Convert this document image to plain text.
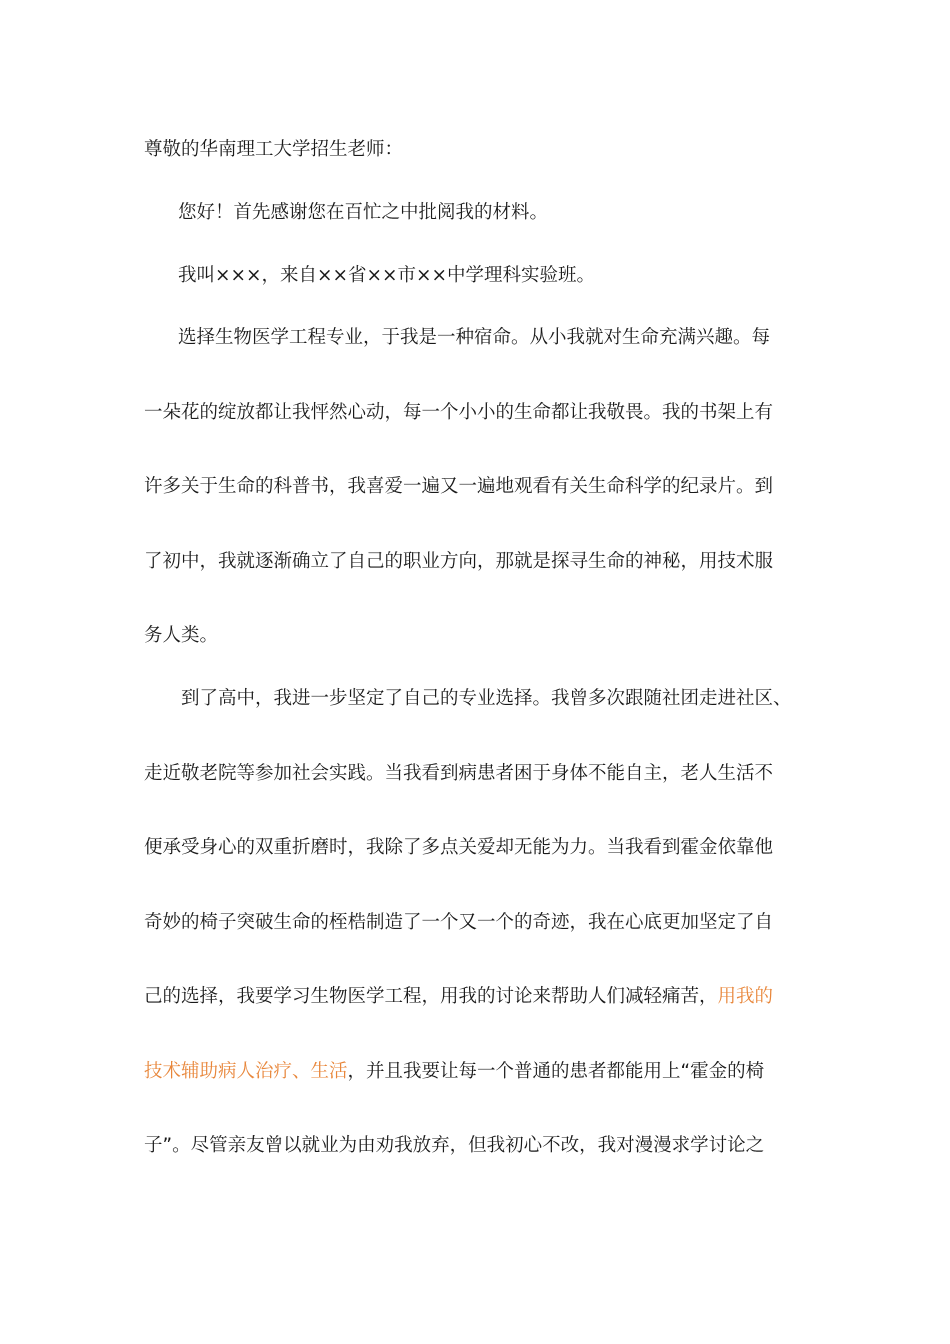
尊敬的华南理工大学招生老师：
您好！首先感谢您在百忙之中批阅我的材料。
我叫×××，来自××省××市××中学理科实验班。
选择生物医学工程专业，于我是一种宿命。从小我就对生命充满兴趣。每
一朵花的绽放都让我怦然心动，每一个小小的生命都让我敬畏。我的书架上有
许多关于生命的科普书，我喜爱一遍又一遍地观看有关生命科学的纪录片。到
了初中，我就逐渐确立了自己的职业方向，那就是探寻生命的神秘，用技术服
务人类。
到了高中，我进一步坚定了自己的专业选择。我曾多次跟随社团走进社区、
走近敬老院等参加社会实践。当我看到病患者困于身体不能自主，老人生活不
便承受身心的双重折磨时，我除了多点关爱却无能为力。当我看到霍金依靠他
奇妙的椅子突破生命的桎梏制造了一个又一个的奇迹，我在心底更加坚定了自
己的选择，我要学习生物医学工程，用我的讨论来帮助人们减轻痛苦，用我的
技术辅助病人治疗、生活，并且我要让每一个普通的患者都能用上“霍金的椅
子”。尽管亲友曾以就业为由劝我放弃，但我初心不改，我对漫漫求学讨论之
